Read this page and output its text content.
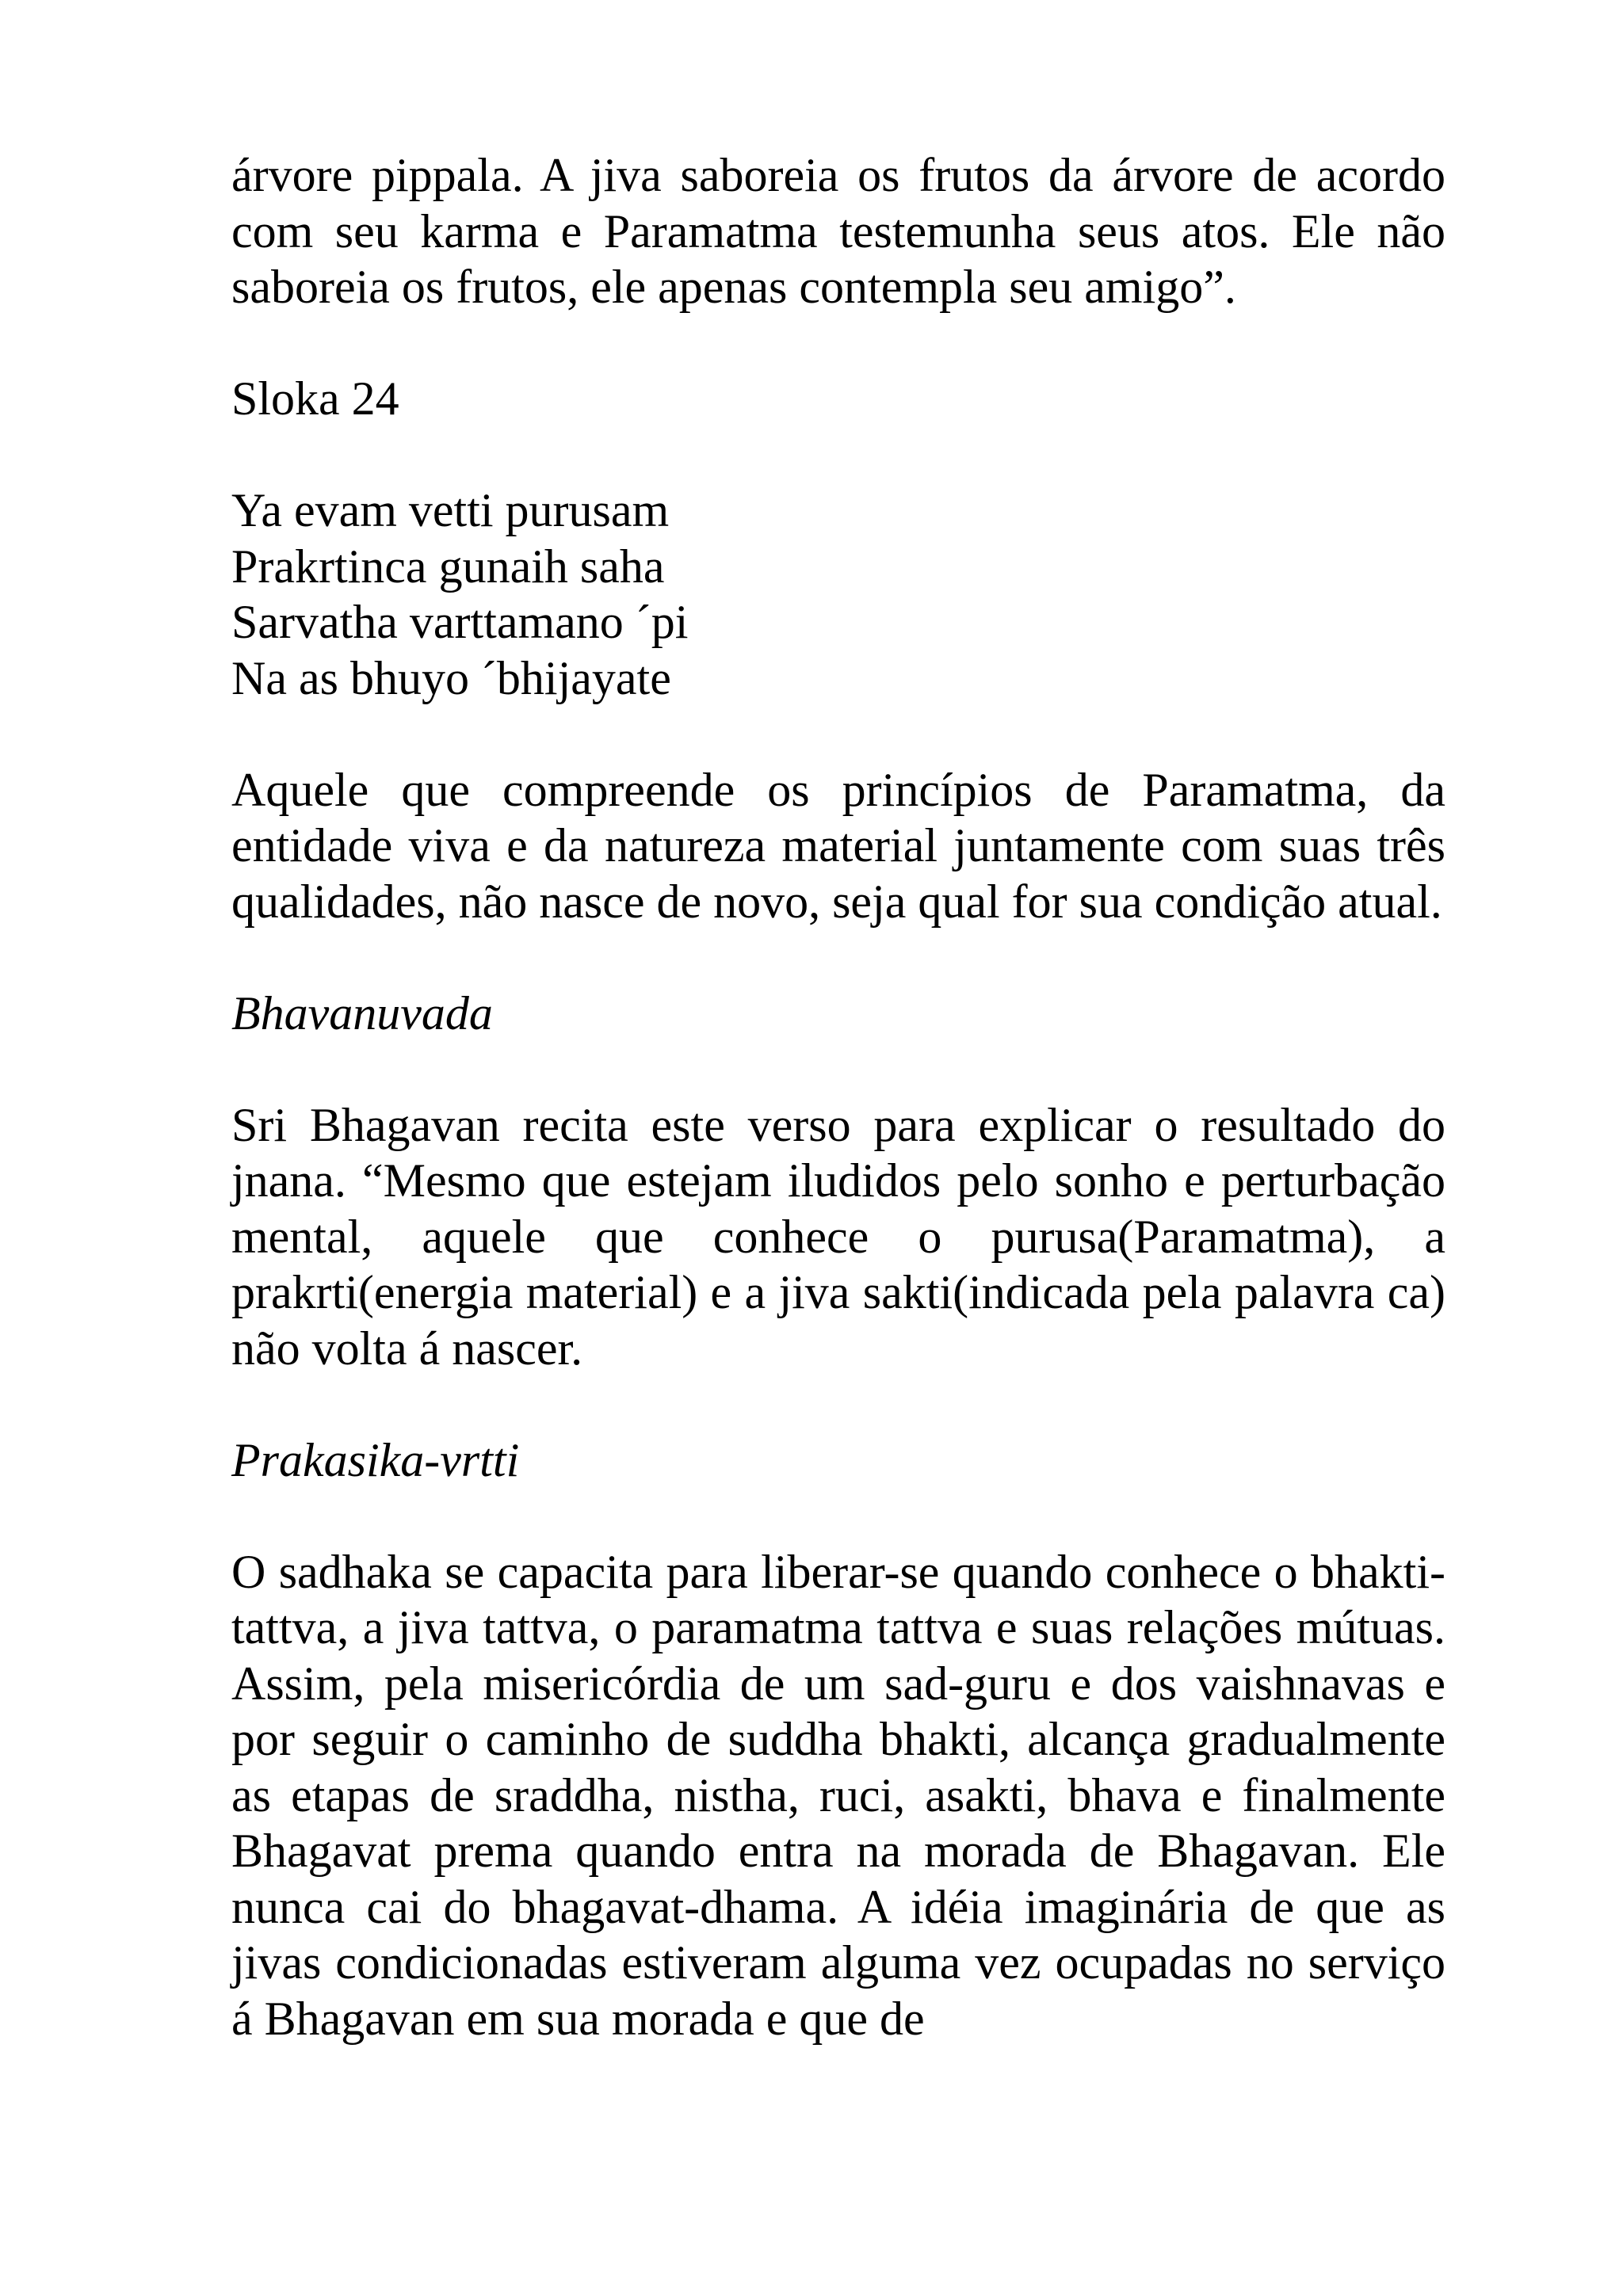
árvore pippala. A jiva saboreia os frutos da árvore de acordo com seu karma e Paramatma testemunha seus atos. Ele não saboreia os frutos, ele apenas contempla seu amigo”.

Sloka 24

Ya evam vetti purusam
Prakrtinca gunaih saha
Sarvatha varttamano ´pi
Na as bhuyo ´bhijayate

Aquele que compreende os princípios de Paramatma, da entidade viva e da natureza material juntamente com suas três qualidades, não nasce de novo, seja qual for sua condição atual.

Bhavanuvada

Sri Bhagavan recita este verso para explicar o resultado do jnana. “Mesmo que estejam iludidos pelo sonho e perturbação mental, aquele que conhece o purusa(Paramatma), a prakrti(energia material) e a jiva sakti(indicada pela palavra ca) não volta á nascer.

Prakasika-vrtti

O sadhaka se capacita para liberar-se quando conhece o bhakti-tattva, a jiva tattva, o paramatma tattva e suas relações mútuas. Assim, pela misericórdia de um sad-guru e dos vaishnavas e por seguir o caminho de suddha bhakti, alcança gradualmente as etapas de sraddha, nistha, ruci, asakti, bhava e finalmente Bhagavat prema quando entra na morada de Bhagavan. Ele nunca cai do bhagavat-dhama. A idéia imaginária de que as jivas condicionadas estiveram alguma vez ocupadas no serviço á Bhagavan em sua morada e que de
